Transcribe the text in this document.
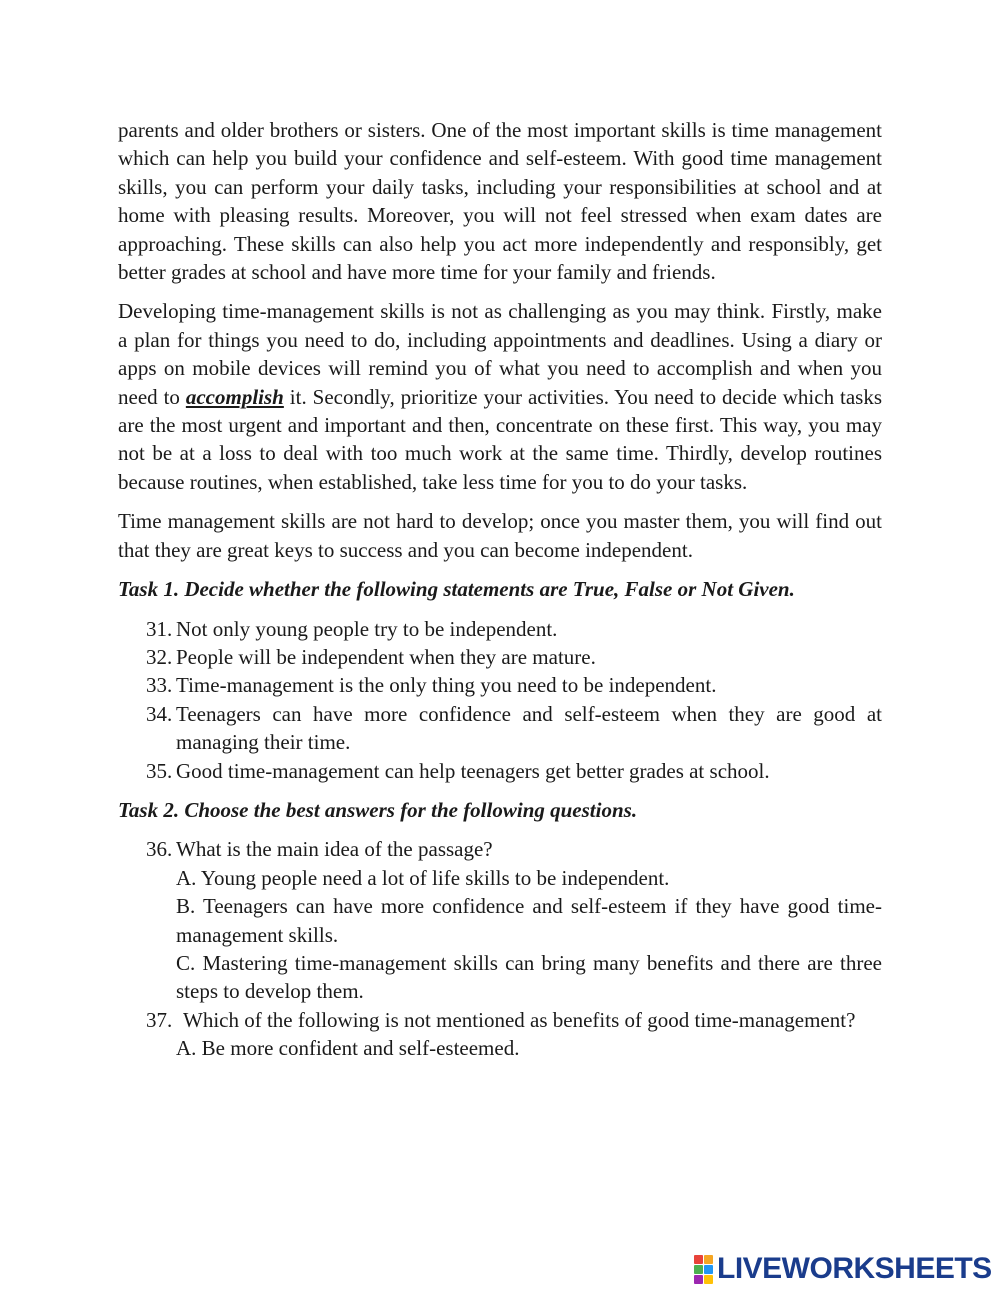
parents and older brothers or sisters. One of the most important skills is time management which can help you build your confidence and self-esteem. With good time management skills, you can perform your daily tasks, including your responsibilities at school and at home with pleasing results. Moreover, you will not feel stressed when exam dates are approaching. These skills can also help you act more independently and responsibly, get better grades at school and have more time for your family and friends.

Developing time-management skills is not as challenging as you may think. Firstly, make a plan for things you need to do, including appointments and deadlines. Using a diary or apps on mobile devices will remind you of what you need to accomplish and when you need to accomplish it. Secondly, prioritize your activities. You need to decide which tasks are the most urgent and important and then, concentrate on these first. This way, you may not be at a loss to deal with too much work at the same time. Thirdly, develop routines because routines, when established, take less time for you to do your tasks.

Time management skills are not hard to develop; once you master them, you will find out that they are great keys to success and you can become independent.

Task 1. Decide whether the following statements are True, False or Not Given.
31. Not only young people try to be independent.
32. People will be independent when they are mature.
33. Time-management is the only thing you need to be independent.
34. Teenagers can have more confidence and self-esteem when they are good at managing their time.
35. Good time-management can help teenagers get better grades at school.
Task 2. Choose the best answers for the following questions.
36. What is the main idea of the passage?
A. Young people need a lot of life skills to be independent.
B. Teenagers can have more confidence and self-esteem if they have good time-management skills.
C. Mastering time-management skills can bring many benefits and there are three steps to develop them.
37. Which of the following is not mentioned as benefits of good time-management?
A. Be more confident and self-esteemed.
LIVEWORKSHEETS
